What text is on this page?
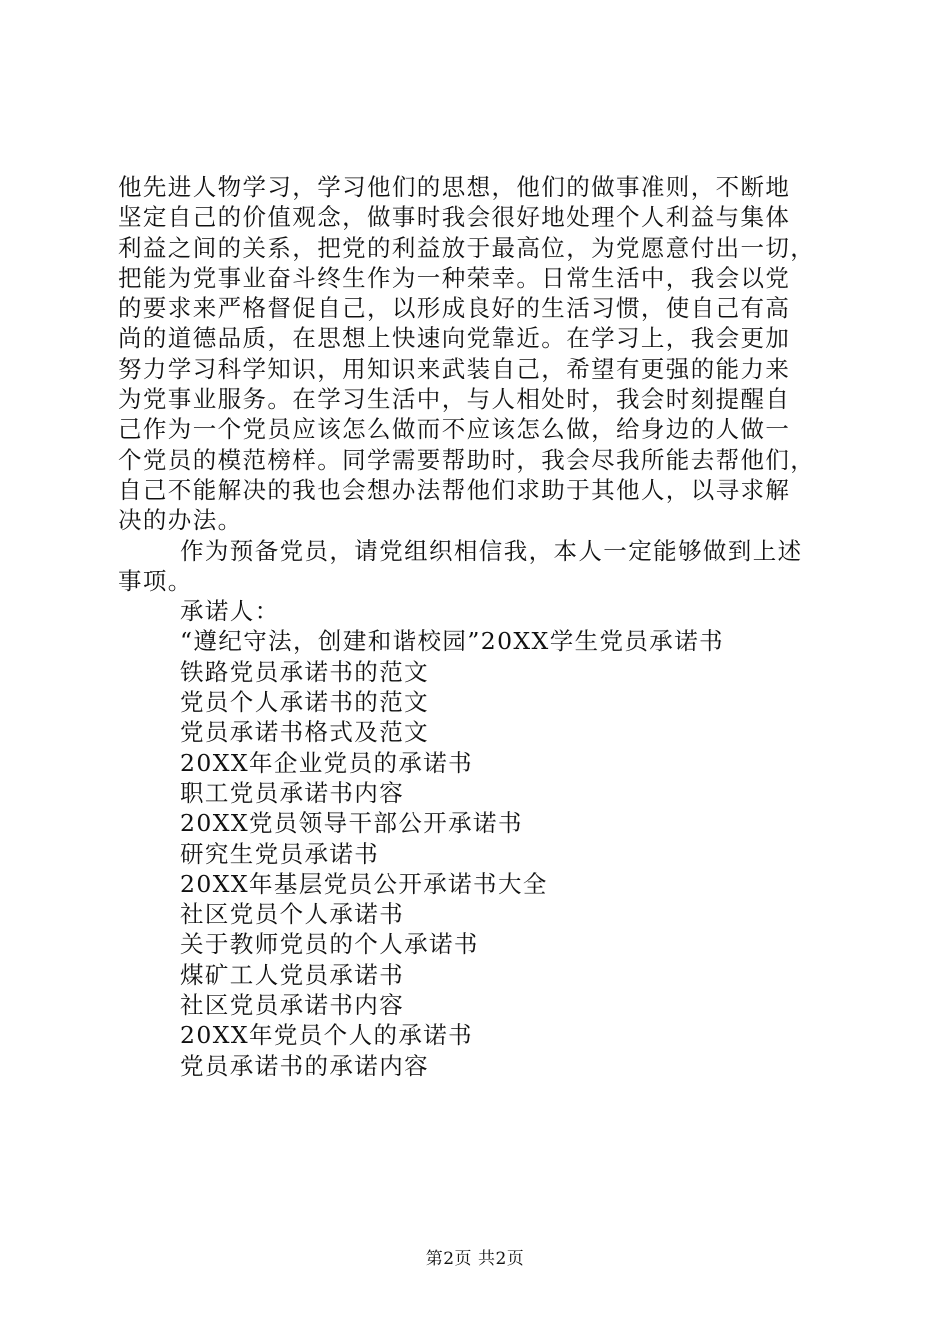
他先进人物学习，学习他们的思想，他们的做事准则，不断地
坚定自己的价值观念，做事时我会很好地处理个人利益与集体
利益之间的关系，把党的利益放于最高位，为党愿意付出一切，
把能为党事业奋斗终生作为一种荣幸。日常生活中，我会以党
的要求来严格督促自己，以形成良好的生活习惯，使自己有高
尚的道德品质，在思想上快速向党靠近。在学习上，我会更加
努力学习科学知识，用知识来武装自己，希望有更强的能力来
为党事业服务。在学习生活中，与人相处时，我会时刻提醒自
己作为一个党员应该怎么做而不应该怎么做，给身边的人做一
个党员的模范榜样。同学需要帮助时，我会尽我所能去帮他们，
自己不能解决的我也会想办法帮他们求助于其他人，以寻求解
决的办法。
作为预备党员，请党组织相信我，本人一定能够做到上述
事项。
承诺人：
“遵纪守法，创建和谐校园”20XX学生党员承诺书
铁路党员承诺书的范文
党员个人承诺书的范文
党员承诺书格式及范文
20XX年企业党员的承诺书
职工党员承诺书内容
20XX党员领导干部公开承诺书
研究生党员承诺书
20XX年基层党员公开承诺书大全
社区党员个人承诺书
关于教师党员的个人承诺书
煤矿工人党员承诺书
社区党员承诺书内容
20XX年党员个人的承诺书
党员承诺书的承诺内容
第2页 共2页
